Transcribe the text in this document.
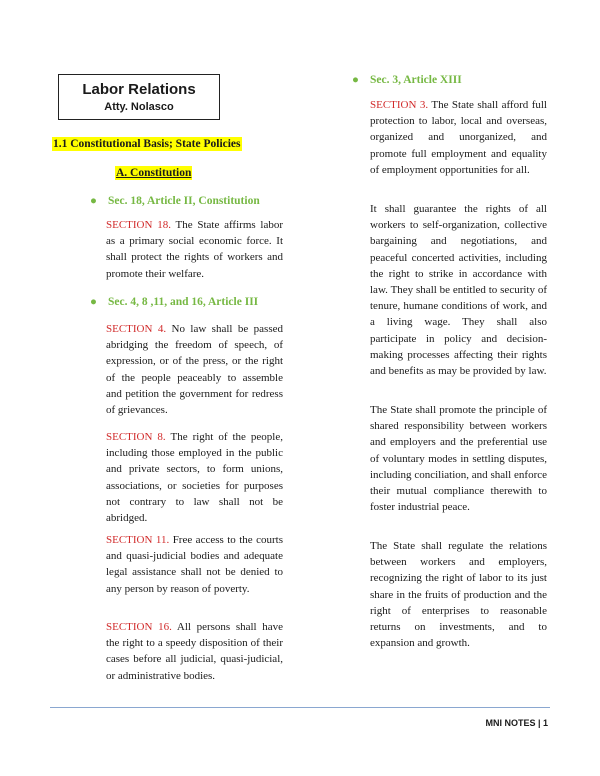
Labor Relations
Atty. Nolasco
1.1 Constitutional Basis; State Policies
A. Constitution
● Sec. 18, Article II, Constitution
SECTION 18. The State affirms labor as a primary social economic force. It shall protect the rights of workers and promote their welfare.
● Sec. 4, 8 ,11, and 16, Article III
SECTION 4. No law shall be passed abridging the freedom of speech, of expression, or of the press, or the right of the people peaceably to assemble and petition the government for redress of grievances.
SECTION 8. The right of the people, including those employed in the public and private sectors, to form unions, associations, or societies for purposes not contrary to law shall not be abridged.
SECTION 11. Free access to the courts and quasi-judicial bodies and adequate legal assistance shall not be denied to any person by reason of poverty.
SECTION 16. All persons shall have the right to a speedy disposition of their cases before all judicial, quasi-judicial, or administrative bodies.
● Sec. 3, Article XIII
SECTION 3. The State shall afford full protection to labor, local and overseas, organized and unorganized, and promote full employment and equality of employment opportunities for all.
It shall guarantee the rights of all workers to self-organization, collective bargaining and negotiations, and peaceful concerted activities, including the right to strike in accordance with law. They shall be entitled to security of tenure, humane conditions of work, and a living wage. They shall also participate in policy and decision-making processes affecting their rights and benefits as may be provided by law.
The State shall promote the principle of shared responsibility between workers and employers and the preferential use of voluntary modes in settling disputes, including conciliation, and shall enforce their mutual compliance therewith to foster industrial peace.
The State shall regulate the relations between workers and employers, recognizing the right of labor to its just share in the fruits of production and the right of enterprises to reasonable returns on investments, and to expansion and growth.
MNI NOTES | 1
